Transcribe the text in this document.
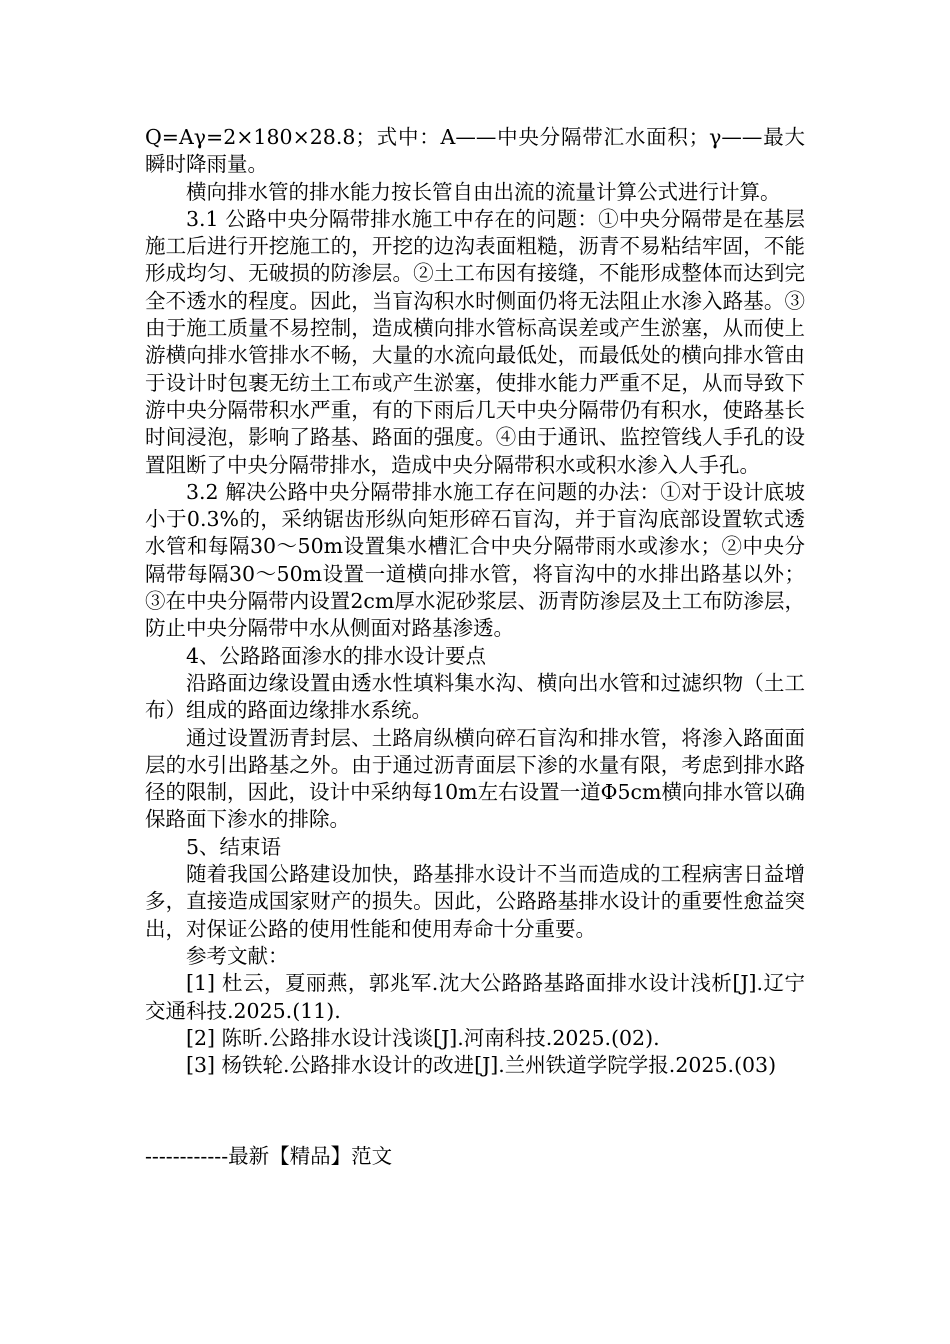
Q=Aγ=2×180×28.8；式中：A——中央分隔带汇水面积；γ——最大瞬时降雨量。

横向排水管的排水能力按长管自由出流的流量计算公式进行计算。

3.1 公路中央分隔带排水施工中存在的问题：①中央分隔带是在基层施工后进行开挖施工的，开挖的边沟表面粗糙，沥青不易粘结牢固，不能形成均匀、无破损的防渗层。②土工布因有接缝，不能形成整体而达到完全不透水的程度。因此，当盲沟积水时侧面仍将无法阻止水渗入路基。③由于施工质量不易控制，造成横向排水管标高误差或产生淤塞，从而使上游横向排水管排水不畅，大量的水流向最低处，而最低处的横向排水管由于设计时包裹无纺土工布或产生淤塞，使排水能力严重不足，从而导致下游中央分隔带积水严重，有的下雨后几天中央分隔带仍有积水，使路基长时间浸泡，影响了路基、路面的强度。④由于通讯、监控管线人手孔的设置阻断了中央分隔带排水，造成中央分隔带积水或积水渗入人手孔。

3.2 解决公路中央分隔带排水施工存在问题的办法：①对于设计底坡小于0.3%的，采纳锯齿形纵向矩形碎石盲沟，并于盲沟底部设置软式透水管和每隔30～50m设置集水槽汇合中央分隔带雨水或渗水；②中央分隔带每隔30～50m设置一道横向排水管，将盲沟中的水排出路基以外；③在中央分隔带内设置2cm厚水泥砂浆层、沥青防渗层及土工布防渗层，防止中央分隔带中水从侧面对路基渗透。

4、公路路面渗水的排水设计要点

沿路面边缘设置由透水性填料集水沟、横向出水管和过滤织物（土工布）组成的路面边缘排水系统。

通过设置沥青封层、土路肩纵横向碎石盲沟和排水管，将渗入路面面层的水引出路基之外。由于通过沥青面层下渗的水量有限，考虑到排水路径的限制，因此，设计中采纳每10m左右设置一道Φ5cm横向排水管以确保路面下渗水的排除。

5、结束语

随着我国公路建设加快，路基排水设计不当而造成的工程病害日益增多，直接造成国家财产的损失。因此，公路路基排水设计的重要性愈益突出，对保证公路的使用性能和使用寿命十分重要。

参考文献：

[1] 杜云，夏丽燕，郭兆军.沈大公路路基路面排水设计浅析[J].辽宁交通科技.2025.(11).

[2] 陈昕.公路排水设计浅谈[J].河南科技.2025.(02).

[3] 杨铁轮.公路排水设计的改进[J].兰州铁道学院学报.2025.(03)

------------最新【精品】范文
